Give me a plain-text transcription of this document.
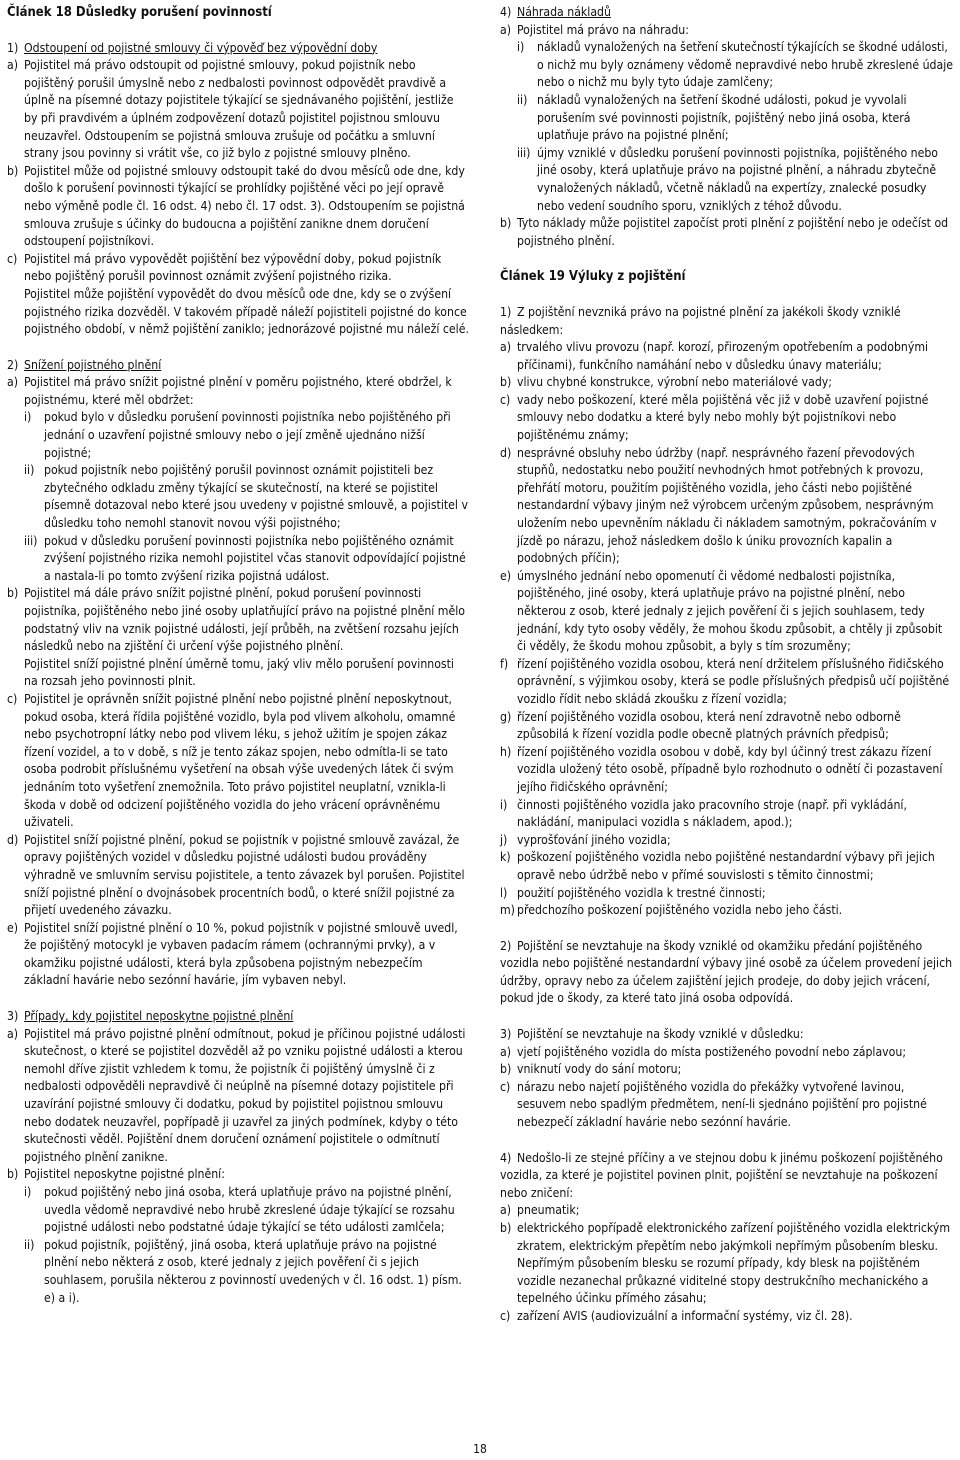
Článek 18 Důsledky porušení povinností
1) Odstoupení od pojistné smlouvy či výpověď bez výpovědní doby
a) Pojistitel má právo odstoupit od pojistné smlouvy, pokud pojistník nebo pojištěný porušil úmyslně nebo z nedbalosti povinnost odpovědět pravdivě a úplně na písemné dotazy pojistitele týkající se sjednávaného pojištění, jestliže by při pravdivém a úplném zodpovězení dotazů pojistitel pojistnou smlouvu neuzavřel. Odstoupením se pojistná smlouva zrušuje od počátku a smluvní strany jsou povinny si vrátit vše, co již bylo z pojistné smlouvy plněno.
b) Pojistitel může od pojistné smlouvy odstoupit také do dvou měsíců ode dne, kdy došlo k porušení povinnosti týkající se prohlídky pojištěné věci po její opravě nebo výměně podle čl. 16 odst. 4) nebo čl. 17 odst. 3). Odstoupením se pojistná smlouva zrušuje s účinky do budoucna a pojištění zanikne dnem doručení odstoupení pojistníkovi.
c) Pojistitel má právo vypovědět pojištění bez výpovědní doby, pokud pojistník nebo pojištěný porušil povinnost oznámit zvýšení pojistného rizika.
Pojistitel může pojištění vypovědět do dvou měsíců ode dne, kdy se o zvýšení pojistného rizika dozvěděl. V takovém případě náleží pojistiteli pojistné do konce pojistného období, v němž pojištění zaniklo; jednorázové pojistné mu náleží celé.
2) Snížení pojistného plnění
a) Pojistitel má právo snížit pojistné plnění v poměru pojistného, které obdržel, k pojistnému, které měl obdržet:
i)	pokud bylo v důsledku porušení povinnosti pojistníka nebo pojištěného při jednání o uzavření pojistné smlouvy nebo o její změně ujednáno nižší pojistné;
ii) pokud pojistník nebo pojištěný porušil povinnost oznámit pojistiteli bez zbytečného odkladu změny týkající se skutečností, na které se pojistitel písemně dotazoval nebo které jsou uvedeny v pojistné smlouvě, a pojistitel v důsledku toho nemohl stanovit novou výši pojistného;
iii) pokud v důsledku porušení povinnosti pojistníka nebo pojištěného oznámit zvýšení pojistného rizika nemohl pojistitel včas stanovit odpovídající pojistné a nastala-li po tomto zvýšení rizika pojistná událost.
b) Pojistitel má dále právo snížit pojistné plnění, pokud porušení povinnosti pojistníka, pojištěného nebo jiné osoby uplatňující právo na pojistné plnění mělo podstatný vliv na vznik pojistné události, její průběh, na zvětšení rozsahu jejích následků nebo na zjištění či určení výše pojistného plnění.
Pojistitel sníží pojistné plnění úměrně tomu, jaký vliv mělo porušení povinnosti na rozsah jeho povinnosti plnit.
c) Pojistitel je oprávněn snížit pojistné plnění nebo pojistné plnění neposkytnout, pokud osoba, která řídila pojištěné vozidlo, byla pod vlivem alkoholu, omamné nebo psychotropní látky nebo pod vlivem léku, s jehož užitím je spojen zákaz řízení vozidel, a to v době, s níž je tento zákaz spojen, nebo odmítla-li se tato osoba podrobit příslušnému vyšetření na obsah výše uvedených látek či svým jednáním toto vyšetření znemožnila. Toto právo pojistitel neuplatní, vznikla-li škoda v době od odcizení pojištěného vozidla do jeho vrácení oprávněnému uživateli.
d) Pojistitel sníží pojistné plnění, pokud se pojistník v pojistné smlouvě zavázal, že opravy pojištěných vozidel v důsledku pojistné události budou prováděny výhradně ve smluvním servisu pojistitele, a tento závazek byl porušen. Pojistitel sníží pojistné plnění o dvojnásobek procentních bodů, o které snížil pojistné za přijetí uvedeného závazku.
e) Pojistitel sníží pojistné plnění o 10 %, pokud pojistník v pojistné smlouvě uvedl, že pojištěný motocykl je vybaven padacím rámem (ochrannými prvky), a v okamžiku pojistné události, která byla způsobena pojistným nebezpečím základní havárie nebo sezónní havárie, jím vybaven nebyl.
3) Případy, kdy pojistitel neposkytne pojistné plnění
a) Pojistitel má právo pojistné plnění odmítnout, pokud je příčinou pojistné události skutečnost, o které se pojistitel dozvěděl až po vzniku pojistné události a kterou nemohl dříve zjistit vzhledem k tomu, že pojistník či pojištěný úmyslně či z nedbalosti odpověděli nepravdivě či neúplně na písemné dotazy pojistitele při uzavírání pojistné smlouvy či dodatku, pokud by pojistitel pojistnou smlouvu nebo dodatek neuzavřel, popřípadě ji uzavřel za jiných podmínek, kdyby o této skutečnosti věděl. Pojištění dnem doručení oznámení pojistitele o odmítnutí pojistného plnění zanikne.
b) Pojistitel neposkytne pojistné plnění:
i)	pokud pojištěný nebo jiná osoba, která uplatňuje právo na pojistné plnění, uvedla vědomě nepravdivé nebo hrubě zkreslené údaje týkající se rozsahu pojistné události nebo podstatné údaje týkající se této události zamlčela;
ii) pokud pojistník, pojištěný, jiná osoba, která uplatňuje právo na pojistné plnění nebo některá z osob, které jednaly z jejich pověření či s jejich souhlasem, porušila některou z povinností uvedených v čl. 16 odst. 1) písm. e) a i).
4) Náhrada nákladů
a) Pojistitel má právo na náhradu:
i)	nákladů vynaložených na šetření skutečností týkajících se škodné události, o nichž mu byly oznámeny vědomě nepravdivé nebo hrubě zkreslené údaje nebo o nichž mu byly tyto údaje zamlčeny;
ii) nákladů vynaložených na šetření škodné události, pokud je vyvolali porušením své povinnosti pojistník, pojištěný nebo jiná osoba, která uplatňuje právo na pojistné plnění;
iii) újmy vzniklé v důsledku porušení povinnosti pojistníka, pojištěného nebo jiné osoby, která uplatňuje právo na pojistné plnění, a náhradu zbytečně vynaložených nákladů, včetně nákladů na expertízy, znalecké posudky nebo vedení soudního sporu, vzniklých z téhož důvodu.
b) Tyto náklady může pojistitel započíst proti plnění z pojištění nebo je odečíst od pojistného plnění.
Článek 19 Výluky z pojištění
1) Z pojištění nevzniká právo na pojistné plnění za jakékoli škody vzniklé následkem:
a) trvalého vlivu provozu (např. korozí, přirozeným opotřebením a podobnými příčinami), funkčního namáhání nebo v důsledku únavy materiálu;
b) vlivu chybné konstrukce, výrobní nebo materiálové vady;
c) vady nebo poškození, které měla pojištěná věc již v době uzavření pojistné smlouvy nebo dodatku a které byly nebo mohly být pojistníkovi nebo pojištěnému známy;
d) nesprávné obsluhy nebo údržby (např. nesprávného řazení převodových stupňů, nedostatku nebo použití nevhodných hmot potřebných k provozu, přehřátí motoru, použitím pojištěného vozidla, jeho části nebo pojištěné nestandardní výbavy jiným než výrobcem určeným způsobem, nesprávným uložením nebo upevněním nákladu či nákladem samotným, pokračováním v jízdě po nárazu, jehož následkem došlo k úniku provozních kapalin a podobných příčin);
e) úmyslného jednání nebo opomenutí či vědomé nedbalosti pojistníka, pojištěného, jiné osoby, která uplatňuje právo na pojistné plnění, nebo některou z osob, které jednaly z jejich pověření či s jejich souhlasem, tedy jednání, kdy tyto osoby věděly, že mohou škodu způsobit, a chtěly ji způsobit či věděly, že škodu mohou způsobit, a byly s tím srozuměny;
f) řízení pojištěného vozidla osobou, která není držitelem příslušného řidičského oprávnění, s výjimkou osoby, která se podle příslušných předpisů učí pojištěné vozidlo řídit nebo skládá zkoušku z řízení vozidla;
g) řízení pojištěného vozidla osobou, která není zdravotně nebo odborně způsobilá k řízení vozidla podle obecně platných právních předpisů;
h) řízení pojištěného vozidla osobou v době, kdy byl účinný trest zákazu řízení vozidla uložený této osobě, případně bylo rozhodnuto o odnětí či pozastavení jejího řidičského oprávnění;
i) činnosti pojištěného vozidla jako pracovního stroje (např. při vykládání, nakládání, manipulaci vozidla s nákladem, apod.);
j) vyprošťování jiného vozidla;
k) poškození pojištěného vozidla nebo pojištěné nestandardní výbavy při jejich opravě nebo údržbě nebo v přímé souvislosti s těmito činnostmi;
l) použití pojištěného vozidla k trestné činnosti;
m) předchozího poškození pojištěného vozidla nebo jeho části.
2) Pojištění se nevztahuje na škody vzniklé od okamžiku předání pojištěného vozidla nebo pojištěné nestandardní výbavy jiné osobě za účelem provedení jejich údržby, opravy nebo za účelem zajištění jejich prodeje, do doby jejich vrácení, pokud jde o škody, za které tato jiná osoba odpovídá.
3) Pojištění se nevztahuje na škody vzniklé v důsledku:
a) vjetí pojištěného vozidla do místa postiženého povodní nebo záplavou;
b) vniknutí vody do sání motoru;
c) nárazu nebo najetí pojištěného vozidla do překážky vytvořené lavinou, sesuvem nebo spadlým předmětem, není-li sjednáno pojištění pro pojistné nebezpečí základní havárie nebo sezónní havárie.
4) Nedošlo-li ze stejné příčiny a ve stejnou dobu k jinému poškození pojištěného vozidla, za které je pojistitel povinen plnit, pojištění se nevztahuje na poškození nebo zničení:
a) pneumatik;
b) elektrického popřípadě elektronického zařízení pojištěného vozidla elektrickým zkratem, elektrickým přepětím nebo jakýmkoli nepřímým působením blesku. Nepřímým působením blesku se rozumí případy, kdy blesk na pojištěném vozidle nezanechal průkazné viditelné stopy destrukčního mechanického a tepelného účinku přímého zásahu;
c) zařízení AVIS (audiovizuální a informační systémy, viz čl. 28).
18
